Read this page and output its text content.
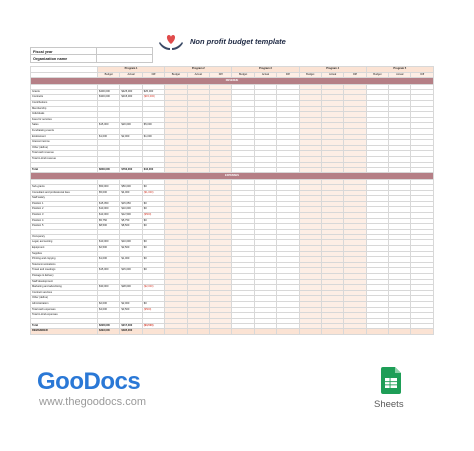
Non profit budget template
Fiscal year
Organization name
	Program 1			Program 2			Program 3			Program 4			Program 5		
	Budget	Actual	Diff	Budget	Actual	Diff	Budget	Actual	Diff	Budget	Actual	Diff	Budget	Actual	Diff
REVENUE															

Grants	$400,000	$425,000	$25,000												
Contracts	$330,000	$315,000	($15,000)												
Contributions															
Membership															
Individuals															
Fees for services															
Sales	$15,000	$20,000	$5,000												
Fundraising events															
Endowment	$1,000	$2,000	$1,000												
Interest income															
Other (define)															
Total cash revenue															
Total in-kind revenue															

Total	$636,000	$762,000	$16,000												
EXPENSES															

Sub-grants	$50,000	$50,000	$0												
Consultant and professional fees	$5,000	$4,000	($1,000)												
Staff salary															
Position 1	$15,050	$15,050	$0												
Position 2	$10,000	$10,000	$0												
Position 3	$13,000	$12,500	($500)												
Position 4	$5,750	$5,750	$0												
Position 5	$8,500	$8,500	$0												

Occupancy															
Legal, accounting	$10,000	$10,000	$0												
Equipment	$2,500	$2,500	$0												
Supplies															
Printing and copying	$1,000	$1,000	$0												
Telecommunications															
Travel and meetings	$15,000	$15,000	$0												
Postage & delivery															
Staff development															
Marketing and advertising	$30,000	$28,000	($2,000)												
Contract services															
Other (define)															
Administration	$2,000	$2,000	$0												
Total cash expenses	$4,000	$3,500	($500)												
Total in-kind expenses															

Total	$228,000	$217,300	($3,500)												
REMAINDER	$393,000	$395,000													
GooDocs
www.thegoodocs.com	Sheets
